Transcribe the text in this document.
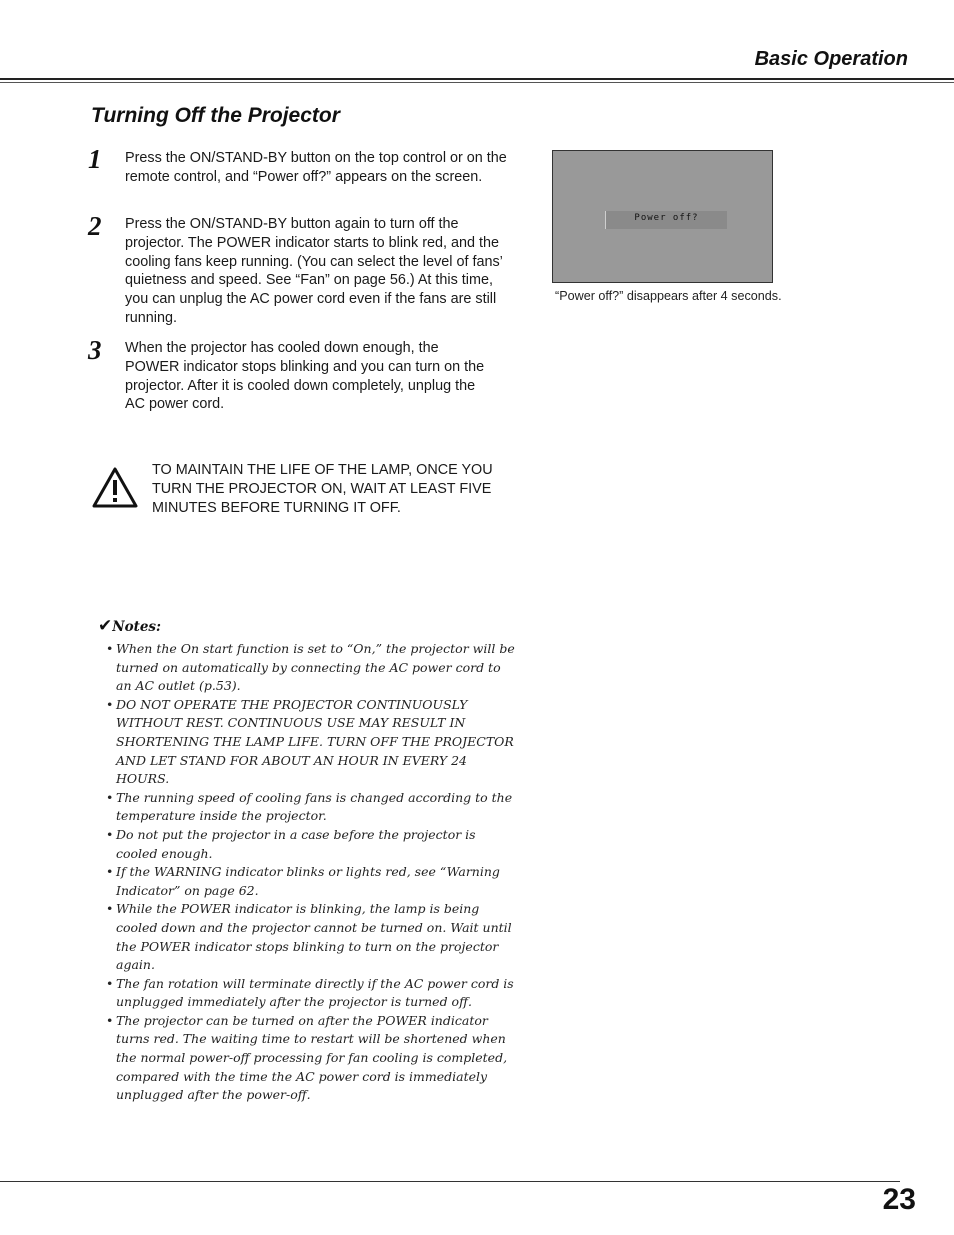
Basic Operation
Turning Off the Projector
1 Press the ON/STAND-BY button on the top control or on the remote control, and “Power off?” appears on the screen.
2 Press the ON/STAND-BY button again to turn off the projector. The POWER indicator starts to blink red, and the cooling fans keep running. (You can select the level of fans’ quietness and speed. See “Fan” on page 56.) At this time, you can unplug the AC power cord even if the fans are still running.
3 When the projector has cooled down enough, the POWER indicator stops blinking and you can turn on the projector. After it is cooled down completely, unplug the AC power cord.
Power off?
“Power off?” disappears after 4 seconds.
TO MAINTAIN THE LIFE OF THE LAMP, ONCE YOU TURN THE PROJECTOR ON, WAIT AT LEAST FIVE MINUTES BEFORE TURNING IT OFF.
✔Notes:
• When the On start function is set to “On,” the projector will be turned on automatically by connecting the AC power cord to an AC outlet (p.53).
• DO NOT OPERATE THE PROJECTOR CONTINUOUSLY WITHOUT REST. CONTINUOUS USE MAY RESULT IN SHORTENING THE LAMP LIFE. TURN OFF THE PROJECTOR AND LET STAND FOR ABOUT AN HOUR IN EVERY 24 HOURS.
• The running speed of cooling fans is changed according to the temperature inside the projector.
• Do not put the projector in a case before the projector is cooled enough.
• If the WARNING indicator blinks or lights red, see “Warning Indicator” on page 62.
• While the POWER indicator is blinking, the lamp is being cooled down and the projector cannot be turned on. Wait until the POWER indicator stops blinking to turn on the projector again.
• The fan rotation will terminate directly if the AC power cord is unplugged immediately after the projector is turned off.
• The projector can be turned on after the POWER indicator turns red. The waiting time to restart will be shortened when the normal power-off processing for fan cooling is completed, compared with the time the AC power cord is immediately unplugged after the power-off.
23
